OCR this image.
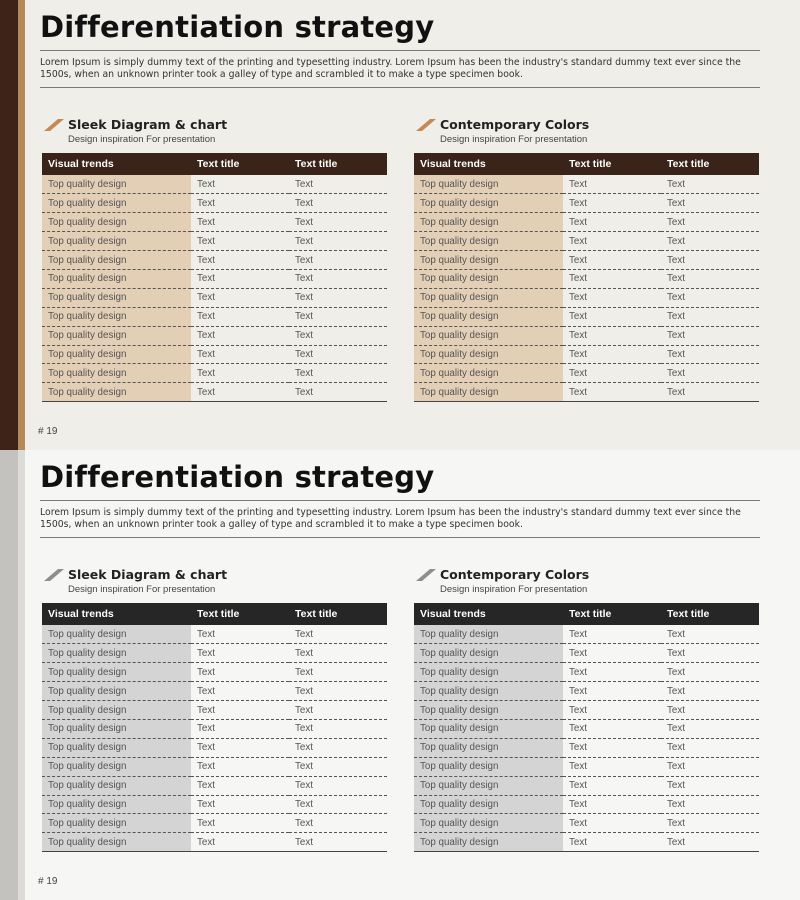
Differentiation strategy
Lorem Ipsum is simply dummy text of the printing and typesetting industry. Lorem Ipsum has been the industry's standard dummy text ever since the 1500s, when an unknown printer took a galley of type and scrambled it to make a type specimen book.
Sleek Diagram & chart
Design inspiration For presentation
Visual trends	Text title	Text title
Top quality design	Text	Text
Top quality design	Text	Text
Top quality design	Text	Text
Top quality design	Text	Text
Top quality design	Text	Text
Top quality design	Text	Text
Top quality design	Text	Text
Top quality design	Text	Text
Top quality design	Text	Text
Top quality design	Text	Text
Top quality design	Text	Text
Top quality design	Text	Text
Contemporary Colors
Design inspiration For presentation
Visual trends	Text title	Text title
Top quality design	Text	Text
Top quality design	Text	Text
Top quality design	Text	Text
Top quality design	Text	Text
Top quality design	Text	Text
Top quality design	Text	Text
Top quality design	Text	Text
Top quality design	Text	Text
Top quality design	Text	Text
Top quality design	Text	Text
Top quality design	Text	Text
Top quality design	Text	Text
# 19
Differentiation strategy
Lorem Ipsum is simply dummy text of the printing and typesetting industry. Lorem Ipsum has been the industry's standard dummy text ever since the 1500s, when an unknown printer took a galley of type and scrambled it to make a type specimen book.
Sleek Diagram & chart
Design inspiration For presentation
Visual trends	Text title	Text title
Top quality design	Text	Text
Top quality design	Text	Text
Top quality design	Text	Text
Top quality design	Text	Text
Top quality design	Text	Text
Top quality design	Text	Text
Top quality design	Text	Text
Top quality design	Text	Text
Top quality design	Text	Text
Top quality design	Text	Text
Top quality design	Text	Text
Top quality design	Text	Text
Contemporary Colors
Design inspiration For presentation
Visual trends	Text title	Text title
Top quality design	Text	Text
Top quality design	Text	Text
Top quality design	Text	Text
Top quality design	Text	Text
Top quality design	Text	Text
Top quality design	Text	Text
Top quality design	Text	Text
Top quality design	Text	Text
Top quality design	Text	Text
Top quality design	Text	Text
Top quality design	Text	Text
Top quality design	Text	Text
# 19
